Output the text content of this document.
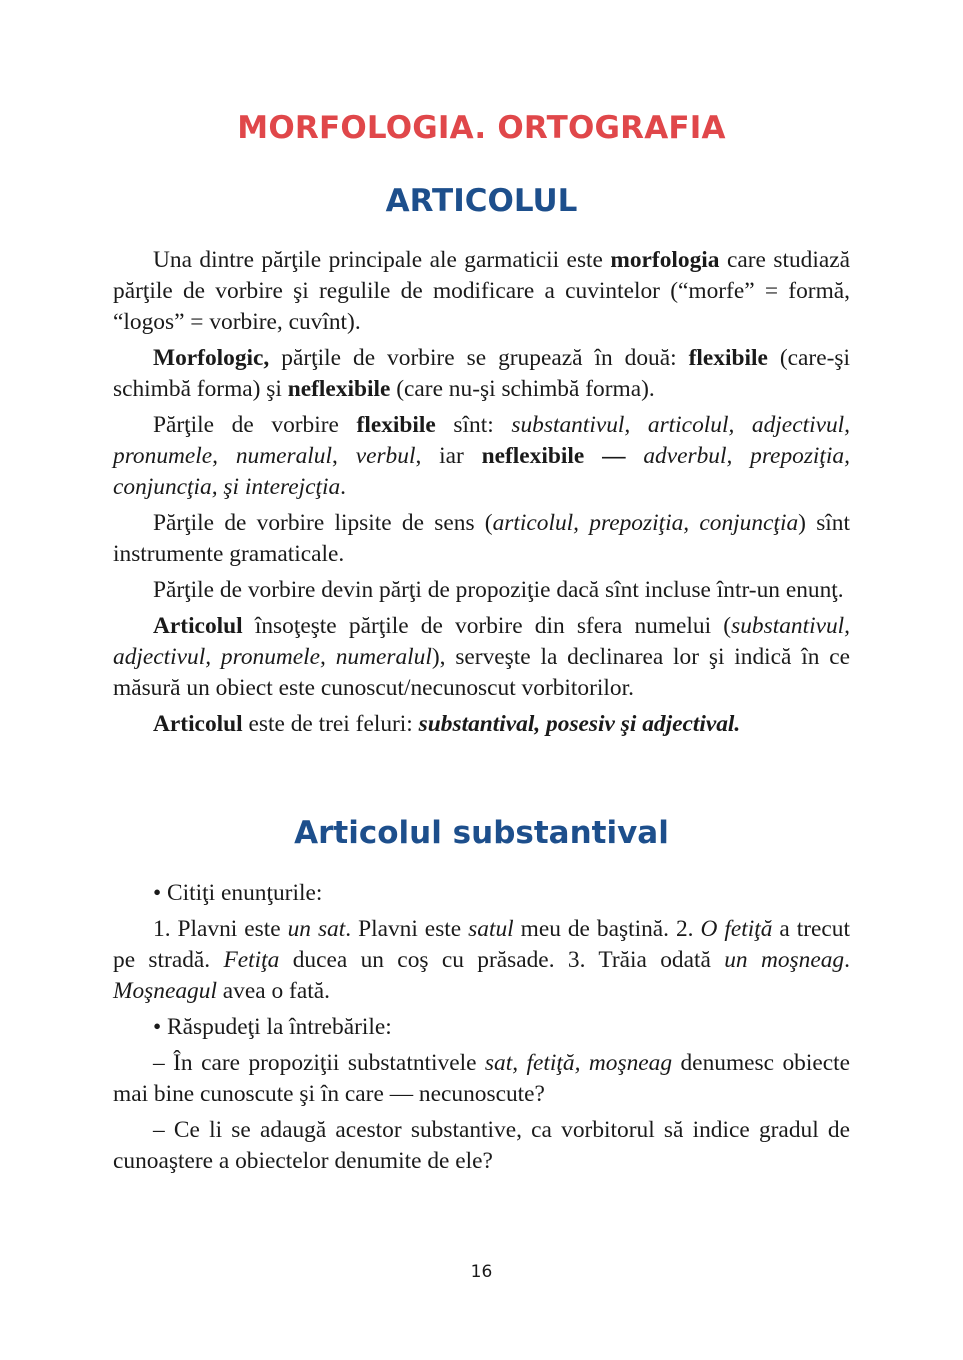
MORFOLOGIA. ORTOGRAFIA
ARTICOLUL

Una dintre părţile principale ale garmaticii este morfologia care studiază părţile de vorbire şi regulile de modificare a cuvintelor (“morfe” = formă, “logos” = vorbire, cuvînt).

Morfologic, părţile de vorbire se grupează în două: flexibile (care-şi schimbă forma) şi neflexibile (care nu-şi schimbă forma).

Părţile de vorbire flexibile sînt: substantivul, articolul, adjectivul, pronumele, numeralul, verbul, iar neflexibile — adverbul, prepoziţia, conjuncţia, şi interejcţia.

Părţile de vorbire lipsite de sens (articolul, prepoziţia, conjuncţia) sînt instrumente gramaticale.

Părţile de vorbire devin părţi de propoziţie dacă sînt incluse într-un enunţ.

Articolul însoţeşte părţile de vorbire din sfera numelui (substantivul, adjectivul, pronumele, numeralul), serveşte la declinarea lor şi indică în ce măsură un obiect este cunoscut/necunoscut vorbitorilor.

Articolul este de trei feluri: substantival, posesiv şi adjectival.

Articolul substantival

• Citiţi enunţurile:

1. Plavni este un sat. Plavni este satul meu de baştină. 2. O fetiţă a trecut pe stradă. Fetiţa ducea un coş cu prăsade. 3. Trăia odată un moşneag. Moşneagul avea o fată.

• Răspudeţi la întrebările:

– În care propoziţii substatntivele sat, fetiţă, moşneag denumesc obiecte mai bine cunoscute şi în care — necunoscute?

– Ce li se adaugă acestor substantive, ca vorbitorul să indice gradul de cunoaştere a obiectelor denumite de ele?

16
